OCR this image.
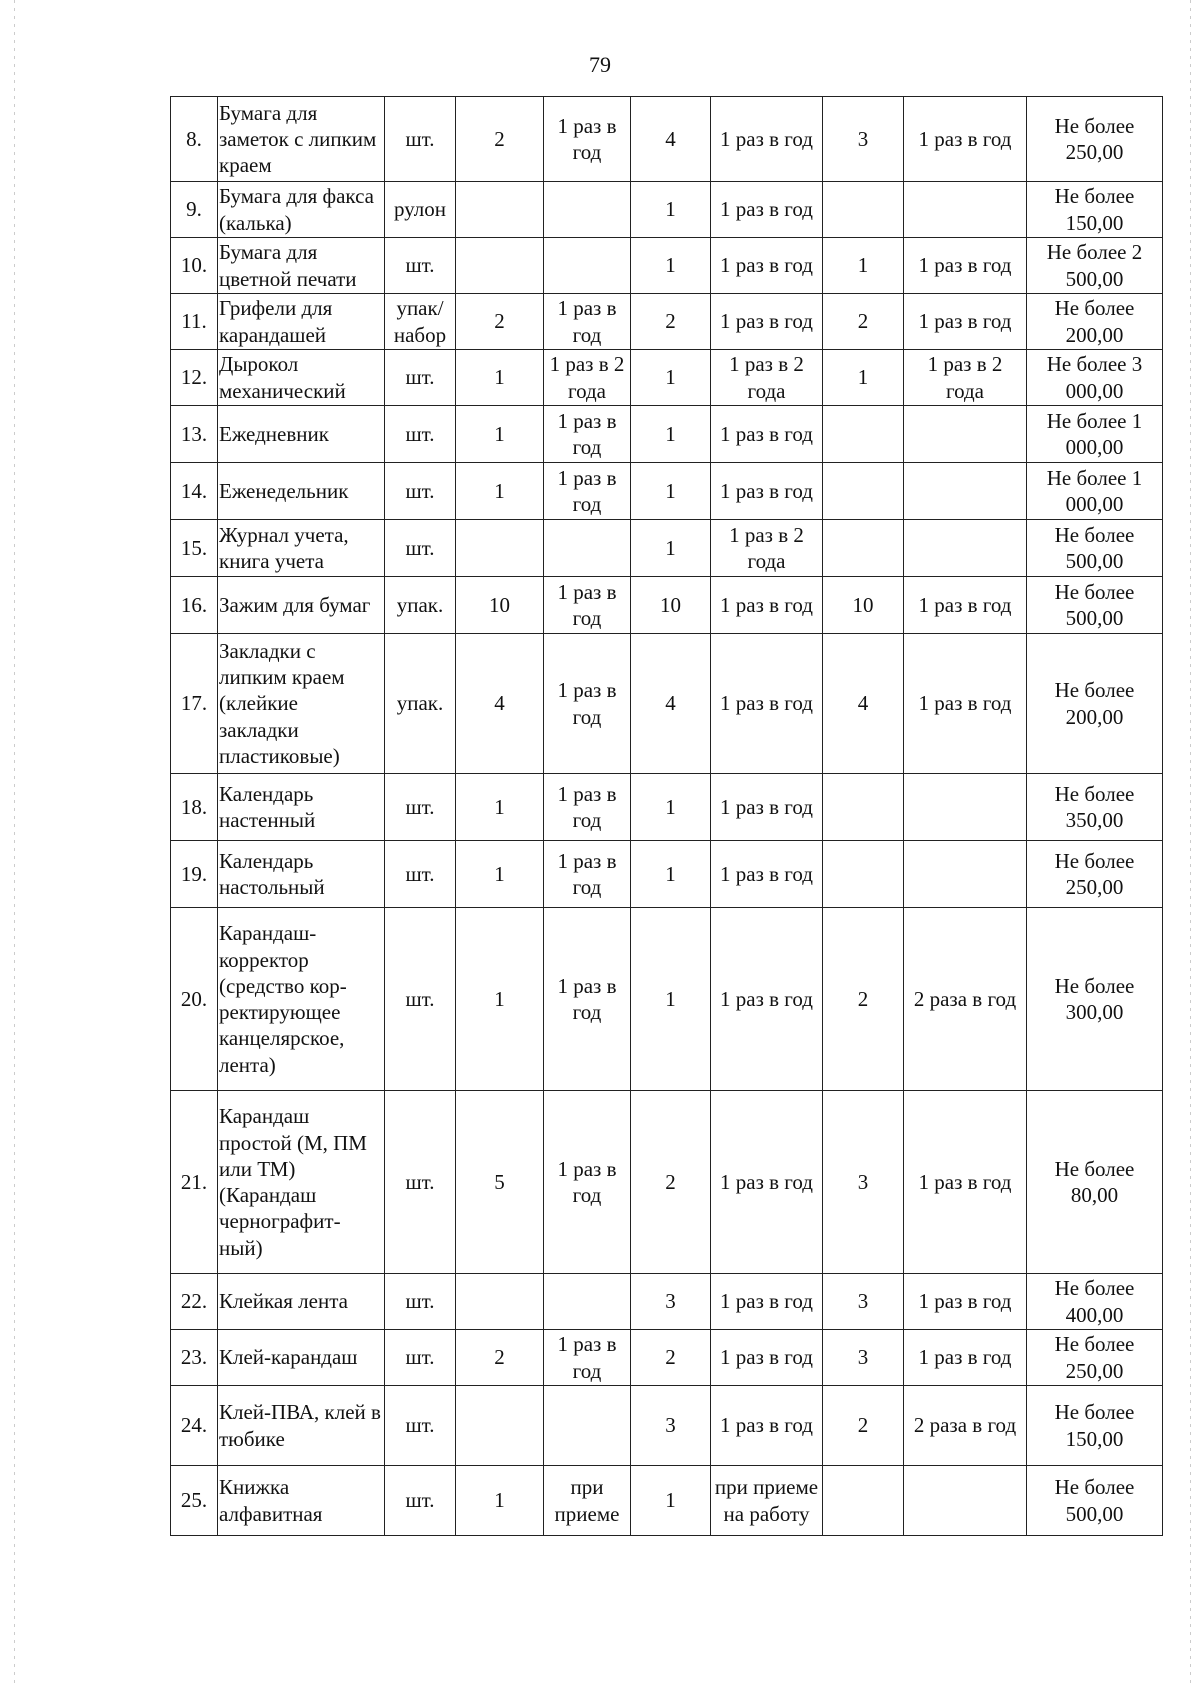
79
8.	Бумага для заметок с липким краем	шт.	2	1 раз в год	4	1 раз в год	3	1 раз в год	Не более 250,00
9.	Бумага для факса (калька)	рулон			1	1 раз в год			Не более 150,00
10.	Бумага для цветной печати	шт.			1	1 раз в год	1	1 раз в год	Не более 2 500,00
11.	Грифели для карандашей	упак/ набор	2	1 раз в год	2	1 раз в год	2	1 раз в год	Не более 200,00
12.	Дырокол механический	шт.	1	1 раз в 2 года	1	1 раз в 2 года	1	1 раз в 2 года	Не более 3 000,00
13.	Ежедневник	шт.	1	1 раз в год	1	1 раз в год			Не более 1 000,00
14.	Еженедельник	шт.	1	1 раз в год	1	1 раз в год			Не более 1 000,00
15.	Журнал учета, книга учета	шт.			1	1 раз в 2 года			Не более 500,00
16.	Зажим для бумаг	упак.	10	1 раз в год	10	1 раз в год	10	1 раз в год	Не более 500,00
17.	Закладки с липким краем (клейкие закладки пластиковые)	упак.	4	1 раз в год	4	1 раз в год	4	1 раз в год	Не более 200,00
18.	Календарь настенный	шт.	1	1 раз в год	1	1 раз в год			Не более 350,00
19.	Календарь настольный	шт.	1	1 раз в год	1	1 раз в год			Не более 250,00
20.	Карандаш-корректор (средство кор-ректирующее канцелярское, лента)	шт.	1	1 раз в год	1	1 раз в год	2	2 раза в год	Не более 300,00
21.	Карандаш простой (М, ПМ или ТМ) (Карандаш чернографит-ный)	шт.	5	1 раз в год	2	1 раз в год	3	1 раз в год	Не более 80,00
22.	Клейкая лента	шт.			3	1 раз в год	3	1 раз в год	Не более 400,00
23.	Клей-карандаш	шт.	2	1 раз в год	2	1 раз в год	3	1 раз в год	Не более 250,00
24.	Клей-ПВА, клей в тюбике	шт.			3	1 раз в год	2	2 раза в год	Не более 150,00
25.	Книжка алфавитная	шт.	1	при приеме	1	при приеме на работу			Не более 500,00
